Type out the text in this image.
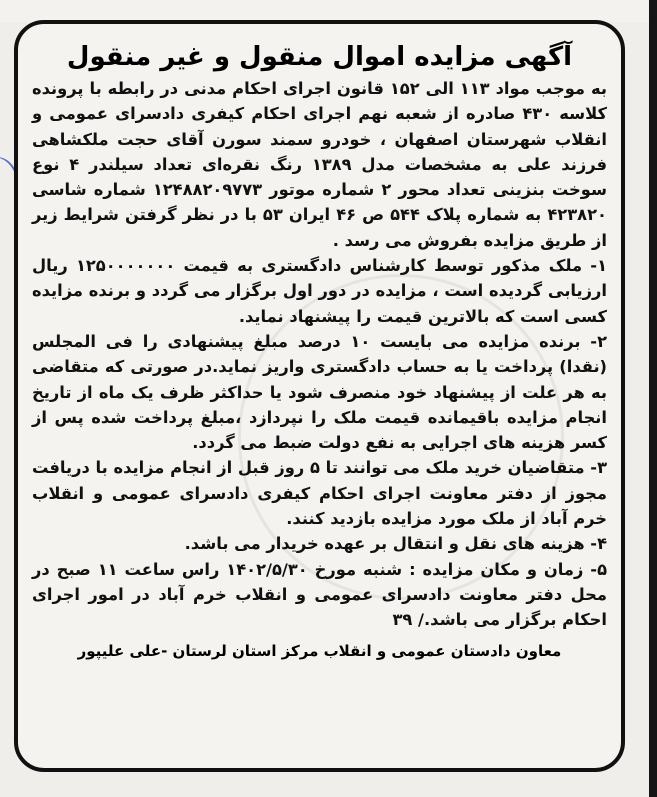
آگهی مزایده اموال منقول و غیر منقول

به موجب مواد ۱۱۳ الی ۱۵۲ قانون اجرای احکام مدنی در رابطه با پرونده کلاسه ۴۳۰ صادره از شعبه نهم اجرای احکام کیفری دادسرای عمومی و انقلاب شهرستان اصفهان ، خودرو سمند سورن آقای حجت ملکشاهی فرزند علی به مشخصات مدل ۱۳۸۹ رنگ نقره‌ای تعداد سیلندر ۴ نوع سوخت بنزینی تعداد محور ۲ شماره موتور ۱۲۴۸۸۲۰۹۷۷۳ شماره شاسی ۴۲۳۸۲۰ به شماره پلاک ۵۴۴ ص ۴۶ ایران ۵۳ با در نظر گرفتن شرایط زیر از طریق مزایده بفروش می رسد .

۱- ملک مذکور توسط کارشناس دادگستری به قیمت ۱۲۵۰۰۰۰۰۰۰ ریال ارزیابی گردیده است ، مزایده در دور اول برگزار می گردد و برنده مزایده کسی است که بالاترین قیمت را پیشنهاد نماید.

۲- برنده مزایده می بایست ۱۰ درصد مبلغ پیشنهادی را فی المجلس (نقدا) پرداخت یا به حساب دادگستری واریز نماید.در صورتی که متقاضی به هر علت از پیشنهاد خود منصرف شود یا حداکثر ظرف یک ماه از تاریخ انجام مزایده باقیمانده قیمت ملک را نپردازد ،مبلغ پرداخت شده پس از کسر هزینه های اجرایی به نفع دولت ضبط می گردد.

۳- متقاضیان خرید ملک می توانند تا ۵ روز قبل از انجام مزایده با دریافت مجوز از دفتر معاونت اجرای احکام کیفری دادسرای عمومی و انقلاب خرم آباد از ملک مورد مزایده بازدید کنند.

۴- هزینه های نقل و انتقال بر عهده خریدار می باشد.

۵- زمان و مکان مزایده : شنبه مورخ ۱۴۰۲/۵/۳۰ راس ساعت ۱۱ صبح در محل دفتر معاونت دادسرای عمومی و انقلاب خرم آباد در امور اجرای احکام برگزار می باشد./ ۳۹

معاون دادستان عمومی و انقلاب مرکز استان لرستان -علی علیپور
